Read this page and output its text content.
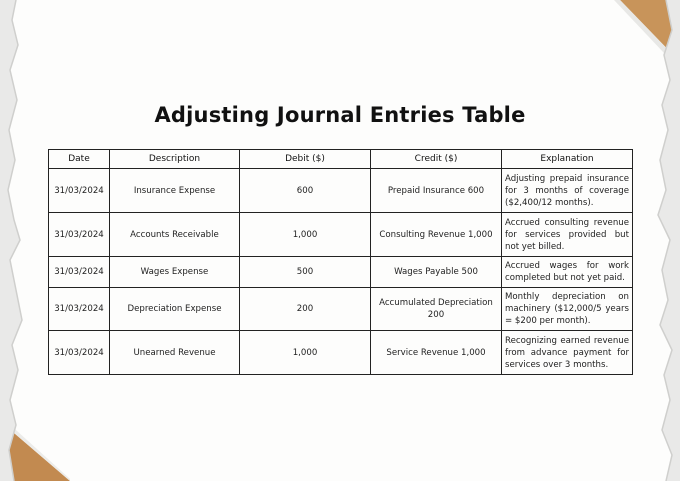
Adjusting Journal Entries Table
Date	Description	Debit ($)	Credit ($)	Explanation
31/03/2024	Insurance Expense	600	Prepaid Insurance 600	Adjusting prepaid insurance for 3 months of coverage ($2,400/12 months).
31/03/2024	Accounts Receivable	1,000	Consulting Revenue 1,000	Accrued consulting revenue for services provided but not yet billed.
31/03/2024	Wages Expense	500	Wages Payable 500	Accrued wages for work completed but not yet paid.
31/03/2024	Depreciation Expense	200	Accumulated Depreciation 200	Monthly depreciation on machinery ($12,000/5 years = $200 per month).
31/03/2024	Unearned Revenue	1,000	Service Revenue 1,000	Recognizing earned revenue from advance payment for services over 3 months.
